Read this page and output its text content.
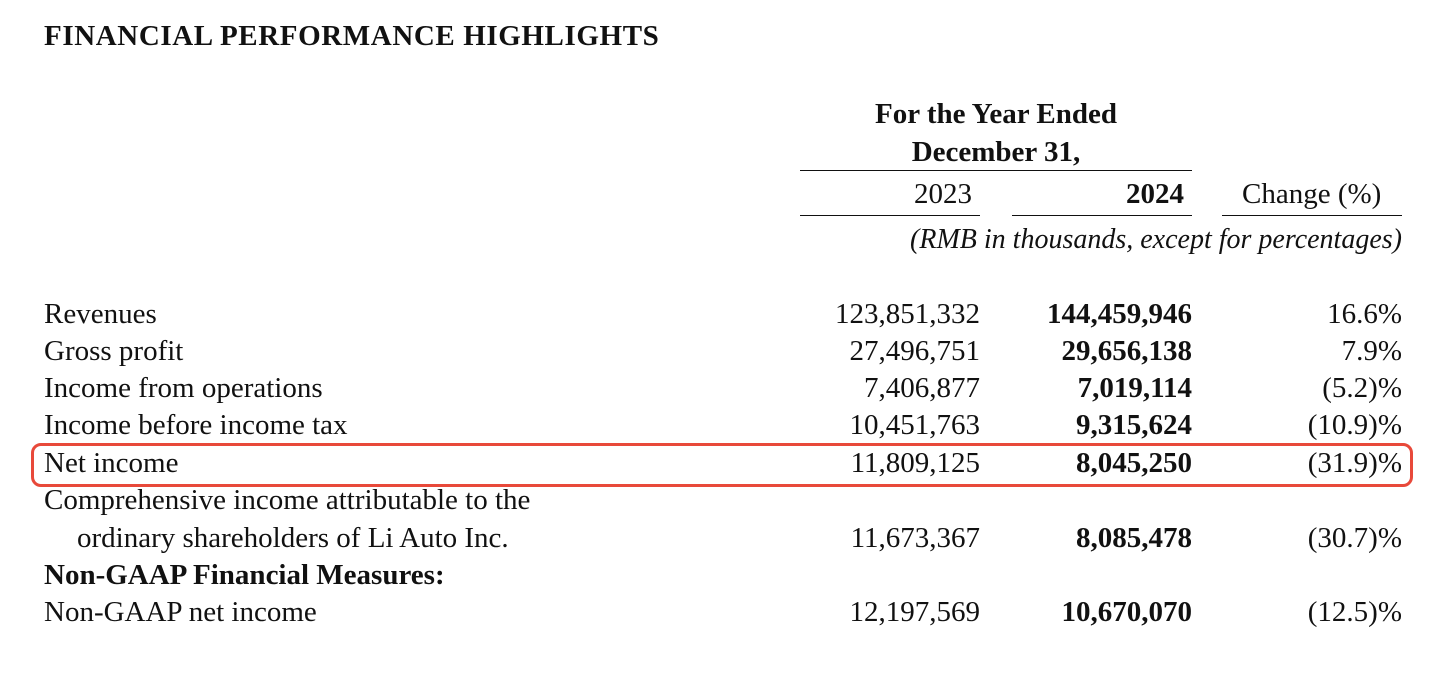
FINANCIAL PERFORMANCE HIGHLIGHTS
For the Year Ended
December 31,
2023	2024 Change (%)
(RMB in thousands, except for percentages)
Revenues	123,851,332 144,459,946	16.6%
Gross profit	27,496,751	29,656,138	7.9%
Income from operations	7,406,877	7,019,114	(5.2)%
Income before income tax	10,451,763	9,315,624	(10.9)%
Net income	11,809,125	8,045,250	(31.9)%
Comprehensive income attributable to the
ordinary shareholders of Li Auto Inc.	11,673,367	8,085,478	(30.7)%
Non-GAAP Financial Measures:
Non-GAAP net income	12,197,569	10,670,070	(12.5)%
